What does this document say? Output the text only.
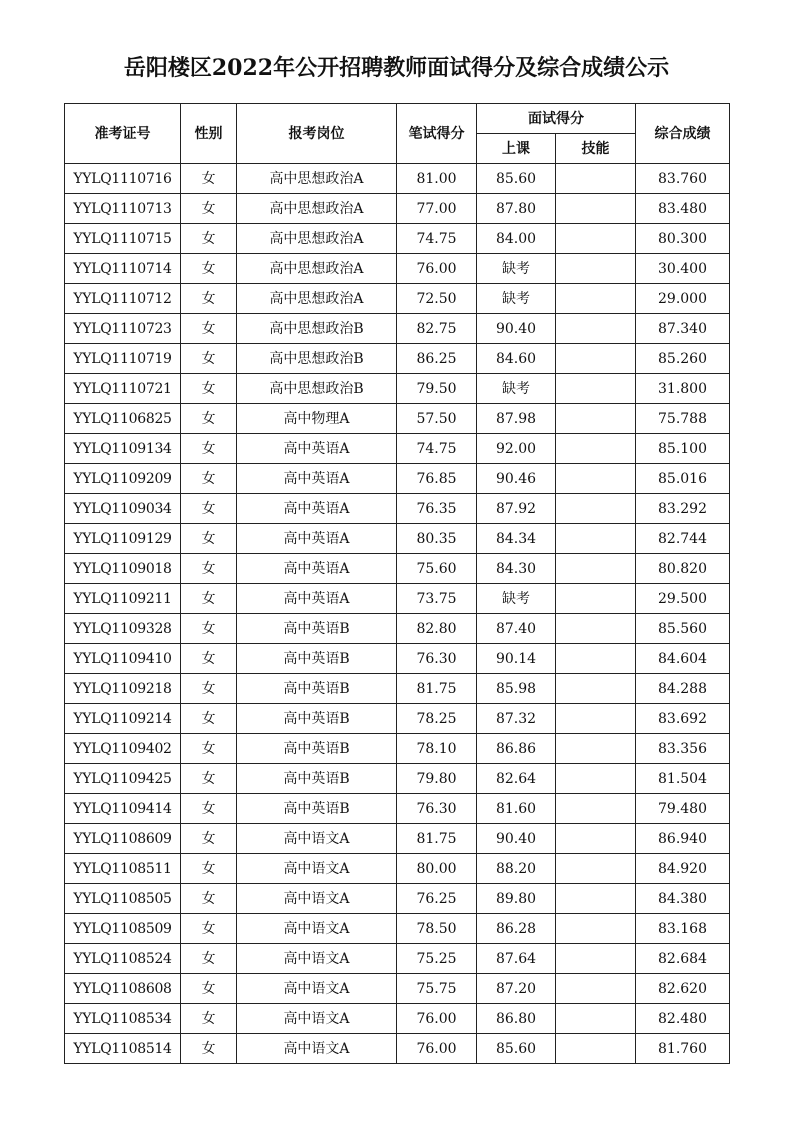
岳阳楼区2022年公开招聘教师面试得分及综合成绩公示
准考证号	性别	报考岗位	笔试得分	面试得分		综合成绩
				上课	技能	
YYLQ1110716	女	高中思想政治A	81.00	85.60		83.760
YYLQ1110713	女	高中思想政治A	77.00	87.80		83.480
YYLQ1110715	女	高中思想政治A	74.75	84.00		80.300
YYLQ1110714	女	高中思想政治A	76.00	缺考		30.400
YYLQ1110712	女	高中思想政治A	72.50	缺考		29.000
YYLQ1110723	女	高中思想政治B	82.75	90.40		87.340
YYLQ1110719	女	高中思想政治B	86.25	84.60		85.260
YYLQ1110721	女	高中思想政治B	79.50	缺考		31.800
YYLQ1106825	女	高中物理A	57.50	87.98		75.788
YYLQ1109134	女	高中英语A	74.75	92.00		85.100
YYLQ1109209	女	高中英语A	76.85	90.46		85.016
YYLQ1109034	女	高中英语A	76.35	87.92		83.292
YYLQ1109129	女	高中英语A	80.35	84.34		82.744
YYLQ1109018	女	高中英语A	75.60	84.30		80.820
YYLQ1109211	女	高中英语A	73.75	缺考		29.500
YYLQ1109328	女	高中英语B	82.80	87.40		85.560
YYLQ1109410	女	高中英语B	76.30	90.14		84.604
YYLQ1109218	女	高中英语B	81.75	85.98		84.288
YYLQ1109214	女	高中英语B	78.25	87.32		83.692
YYLQ1109402	女	高中英语B	78.10	86.86		83.356
YYLQ1109425	女	高中英语B	79.80	82.64		81.504
YYLQ1109414	女	高中英语B	76.30	81.60		79.480
YYLQ1108609	女	高中语文A	81.75	90.40		86.940
YYLQ1108511	女	高中语文A	80.00	88.20		84.920
YYLQ1108505	女	高中语文A	76.25	89.80		84.380
YYLQ1108509	女	高中语文A	78.50	86.28		83.168
YYLQ1108524	女	高中语文A	75.25	87.64		82.684
YYLQ1108608	女	高中语文A	75.75	87.20		82.620
YYLQ1108534	女	高中语文A	76.00	86.80		82.480
YYLQ1108514	女	高中语文A	76.00	85.60		81.760
